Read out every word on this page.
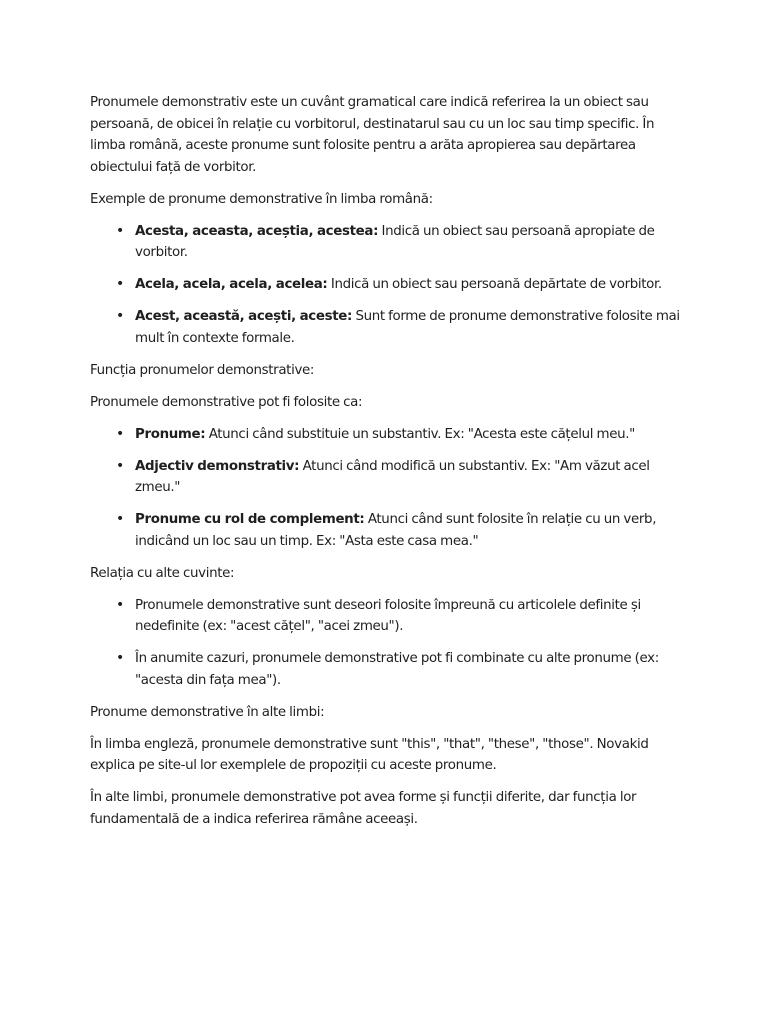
Pronumele demonstrativ este un cuvânt gramatical care indică referirea la un obiect sau persoană, de obicei în relație cu vorbitorul, destinatarul sau cu un loc sau timp specific. În limba română, aceste pronume sunt folosite pentru a arăta apropierea sau depărtarea obiectului față de vorbitor.

Exemple de pronume demonstrative în limba română:

• Acesta, aceasta, aceștia, acestea: Indică un obiect sau persoană apropiate de vorbitor.
• Acela, acela, acela, acelea: Indică un obiect sau persoană depărtate de vorbitor.
• Acest, această, acești, aceste: Sunt forme de pronume demonstrative folosite mai mult în contexte formale.

Funcția pronumelor demonstrative:

Pronumele demonstrative pot fi folosite ca:

• Pronume: Atunci când substituie un substantiv. Ex: "Acesta este cățelul meu."
• Adjectiv demonstrativ: Atunci când modifică un substantiv. Ex: "Am văzut acel zmeu."
• Pronume cu rol de complement: Atunci când sunt folosite în relație cu un verb, indicând un loc sau un timp. Ex: "Asta este casa mea."

Relația cu alte cuvinte:

• Pronumele demonstrative sunt deseori folosite împreună cu articolele definite și nedefinite (ex: "acest cățel", "acei zmeu").
• În anumite cazuri, pronumele demonstrative pot fi combinate cu alte pronume (ex: "acesta din fața mea").

Pronume demonstrative în alte limbi:

În limba engleză, pronumele demonstrative sunt "this", "that", "these", "those". Novakid explica pe site-ul lor exemplele de propoziții cu aceste pronume.

În alte limbi, pronumele demonstrative pot avea forme și funcții diferite, dar funcția lor fundamentală de a indica referirea rămâne aceeași.
